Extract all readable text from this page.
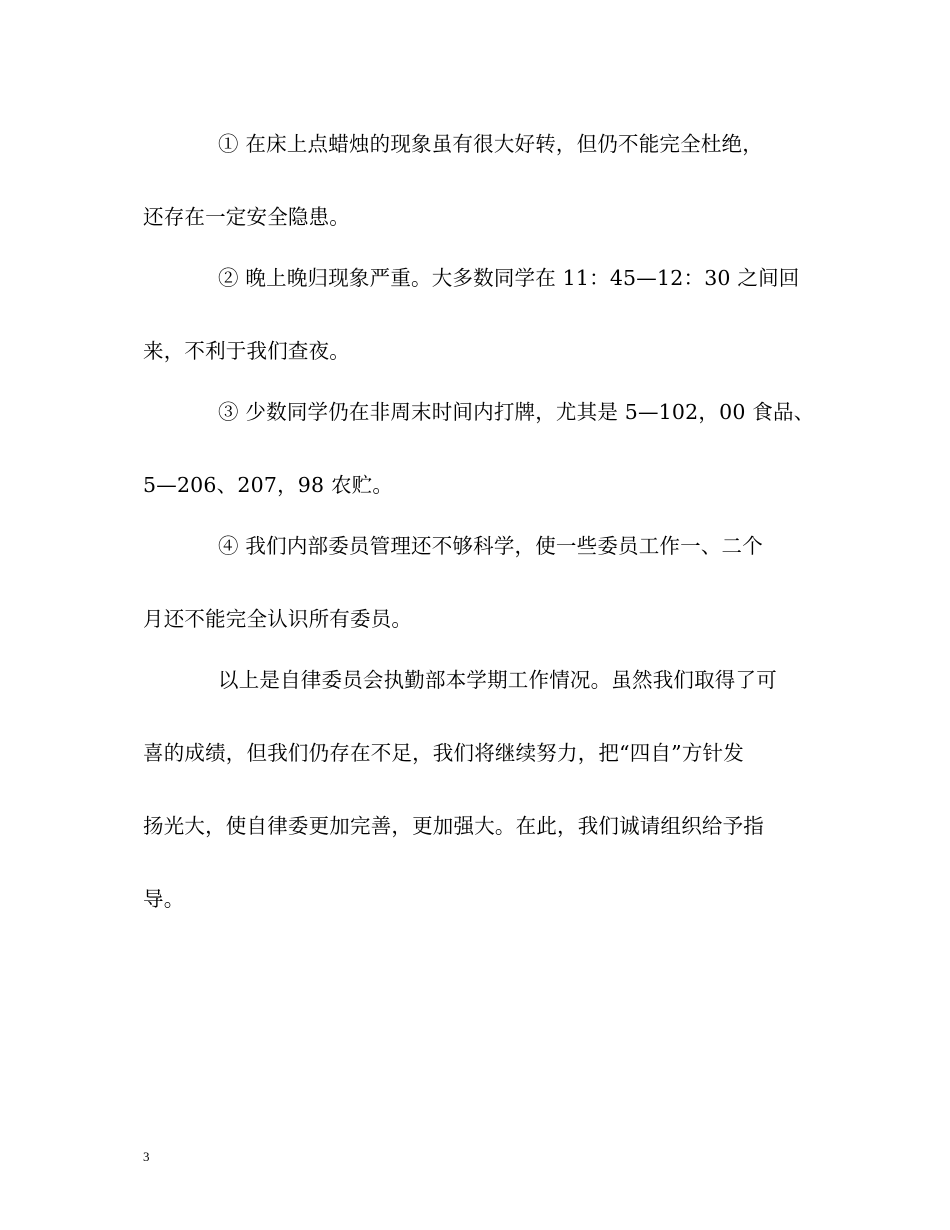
① 在床上点蜡烛的现象虽有很大好转，但仍不能完全杜绝，
还存在一定安全隐患。
② 晚上晚归现象严重。大多数同学在 11：45—12：30 之间回
来，不利于我们查夜。
③ 少数同学仍在非周末时间内打牌，尤其是 5—102，00 食品、
5—206、207，98 农贮。
④ 我们内部委员管理还不够科学，使一些委员工作一、二个
月还不能完全认识所有委员。
以上是自律委员会执勤部本学期工作情况。虽然我们取得了可
喜的成绩，但我们仍存在不足，我们将继续努力，把“四自”方针发
扬光大，使自律委更加完善，更加强大。在此，我们诚请组织给予指
导。
3
